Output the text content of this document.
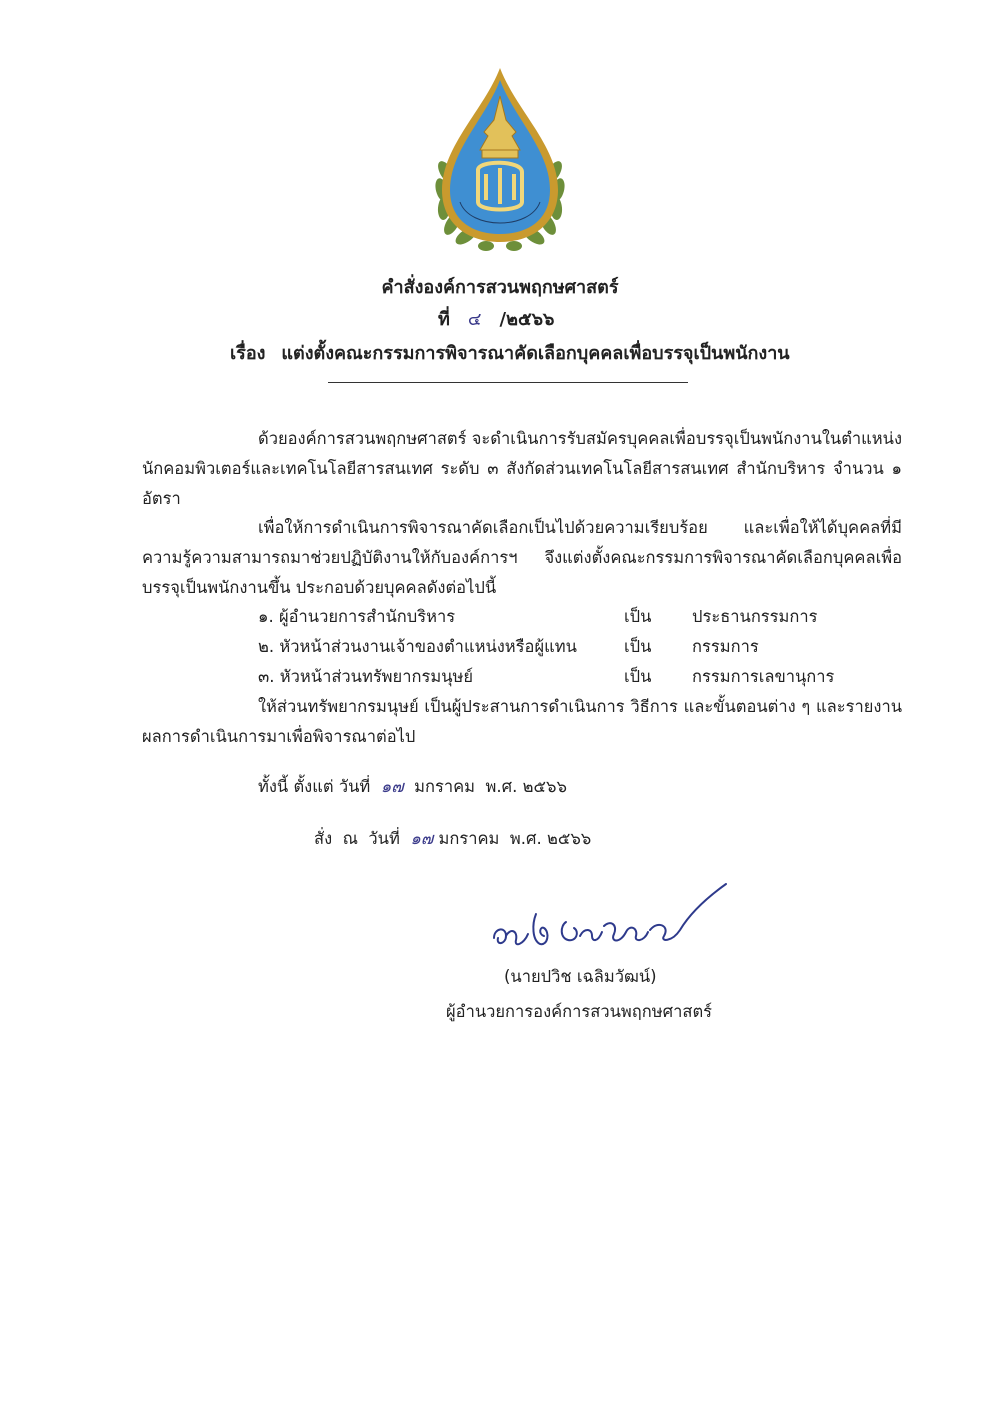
คำสั่งองค์การสวนพฤกษศาสตร์
ที่ ๔ /๒๕๖๖
เรื่อง แต่งตั้งคณะกรรมการพิจารณาคัดเลือกบุคคลเพื่อบรรจุเป็นพนักงาน
ด้วยองค์การสวนพฤกษศาสตร์ จะดำเนินการรับสมัครบุคคลเพื่อบรรจุเป็นพนักงานในตำแหน่งนักคอมพิวเตอร์และเทคโนโลยีสารสนเทศ ระดับ ๓ สังกัดส่วนเทคโนโลยีสารสนเทศ สำนักบริหาร จำนวน ๑ อัตรา
เพื่อให้การดำเนินการพิจารณาคัดเลือกเป็นไปด้วยความเรียบร้อย และเพื่อให้ได้บุคคลที่มีความรู้ความสามารถมาช่วยปฏิบัติงานให้กับองค์การฯ จึงแต่งตั้งคณะกรรมการพิจารณาคัดเลือกบุคคลเพื่อบรรจุเป็นพนักงานขึ้น ประกอบด้วยบุคคลดังต่อไปนี้
๑. ผู้อำนวยการสำนักบริหาร	เป็น ประธานกรรมการ
๒. หัวหน้าส่วนงานเจ้าของตำแหน่งหรือผู้แทน	เป็น กรรมการ
๓. หัวหน้าส่วนทรัพยากรมนุษย์	เป็น กรรมการเลขานุการ
ให้ส่วนทรัพยากรมนุษย์ เป็นผู้ประสานการดำเนินการ วิธีการ และขั้นตอนต่าง ๆ และรายงานผลการดำเนินการมาเพื่อพิจารณาต่อไป
ทั้งนี้ ตั้งแต่ วันที่ ๑๗ มกราคม  พ.ศ. ๒๕๖๖
สั่ง  ณ  วันที่ ๑๗ มกราคม  พ.ศ. ๒๕๖๖
(นายปวิช เฉลิมวัฒน์)
ผู้อำนวยการองค์การสวนพฤกษศาสตร์
